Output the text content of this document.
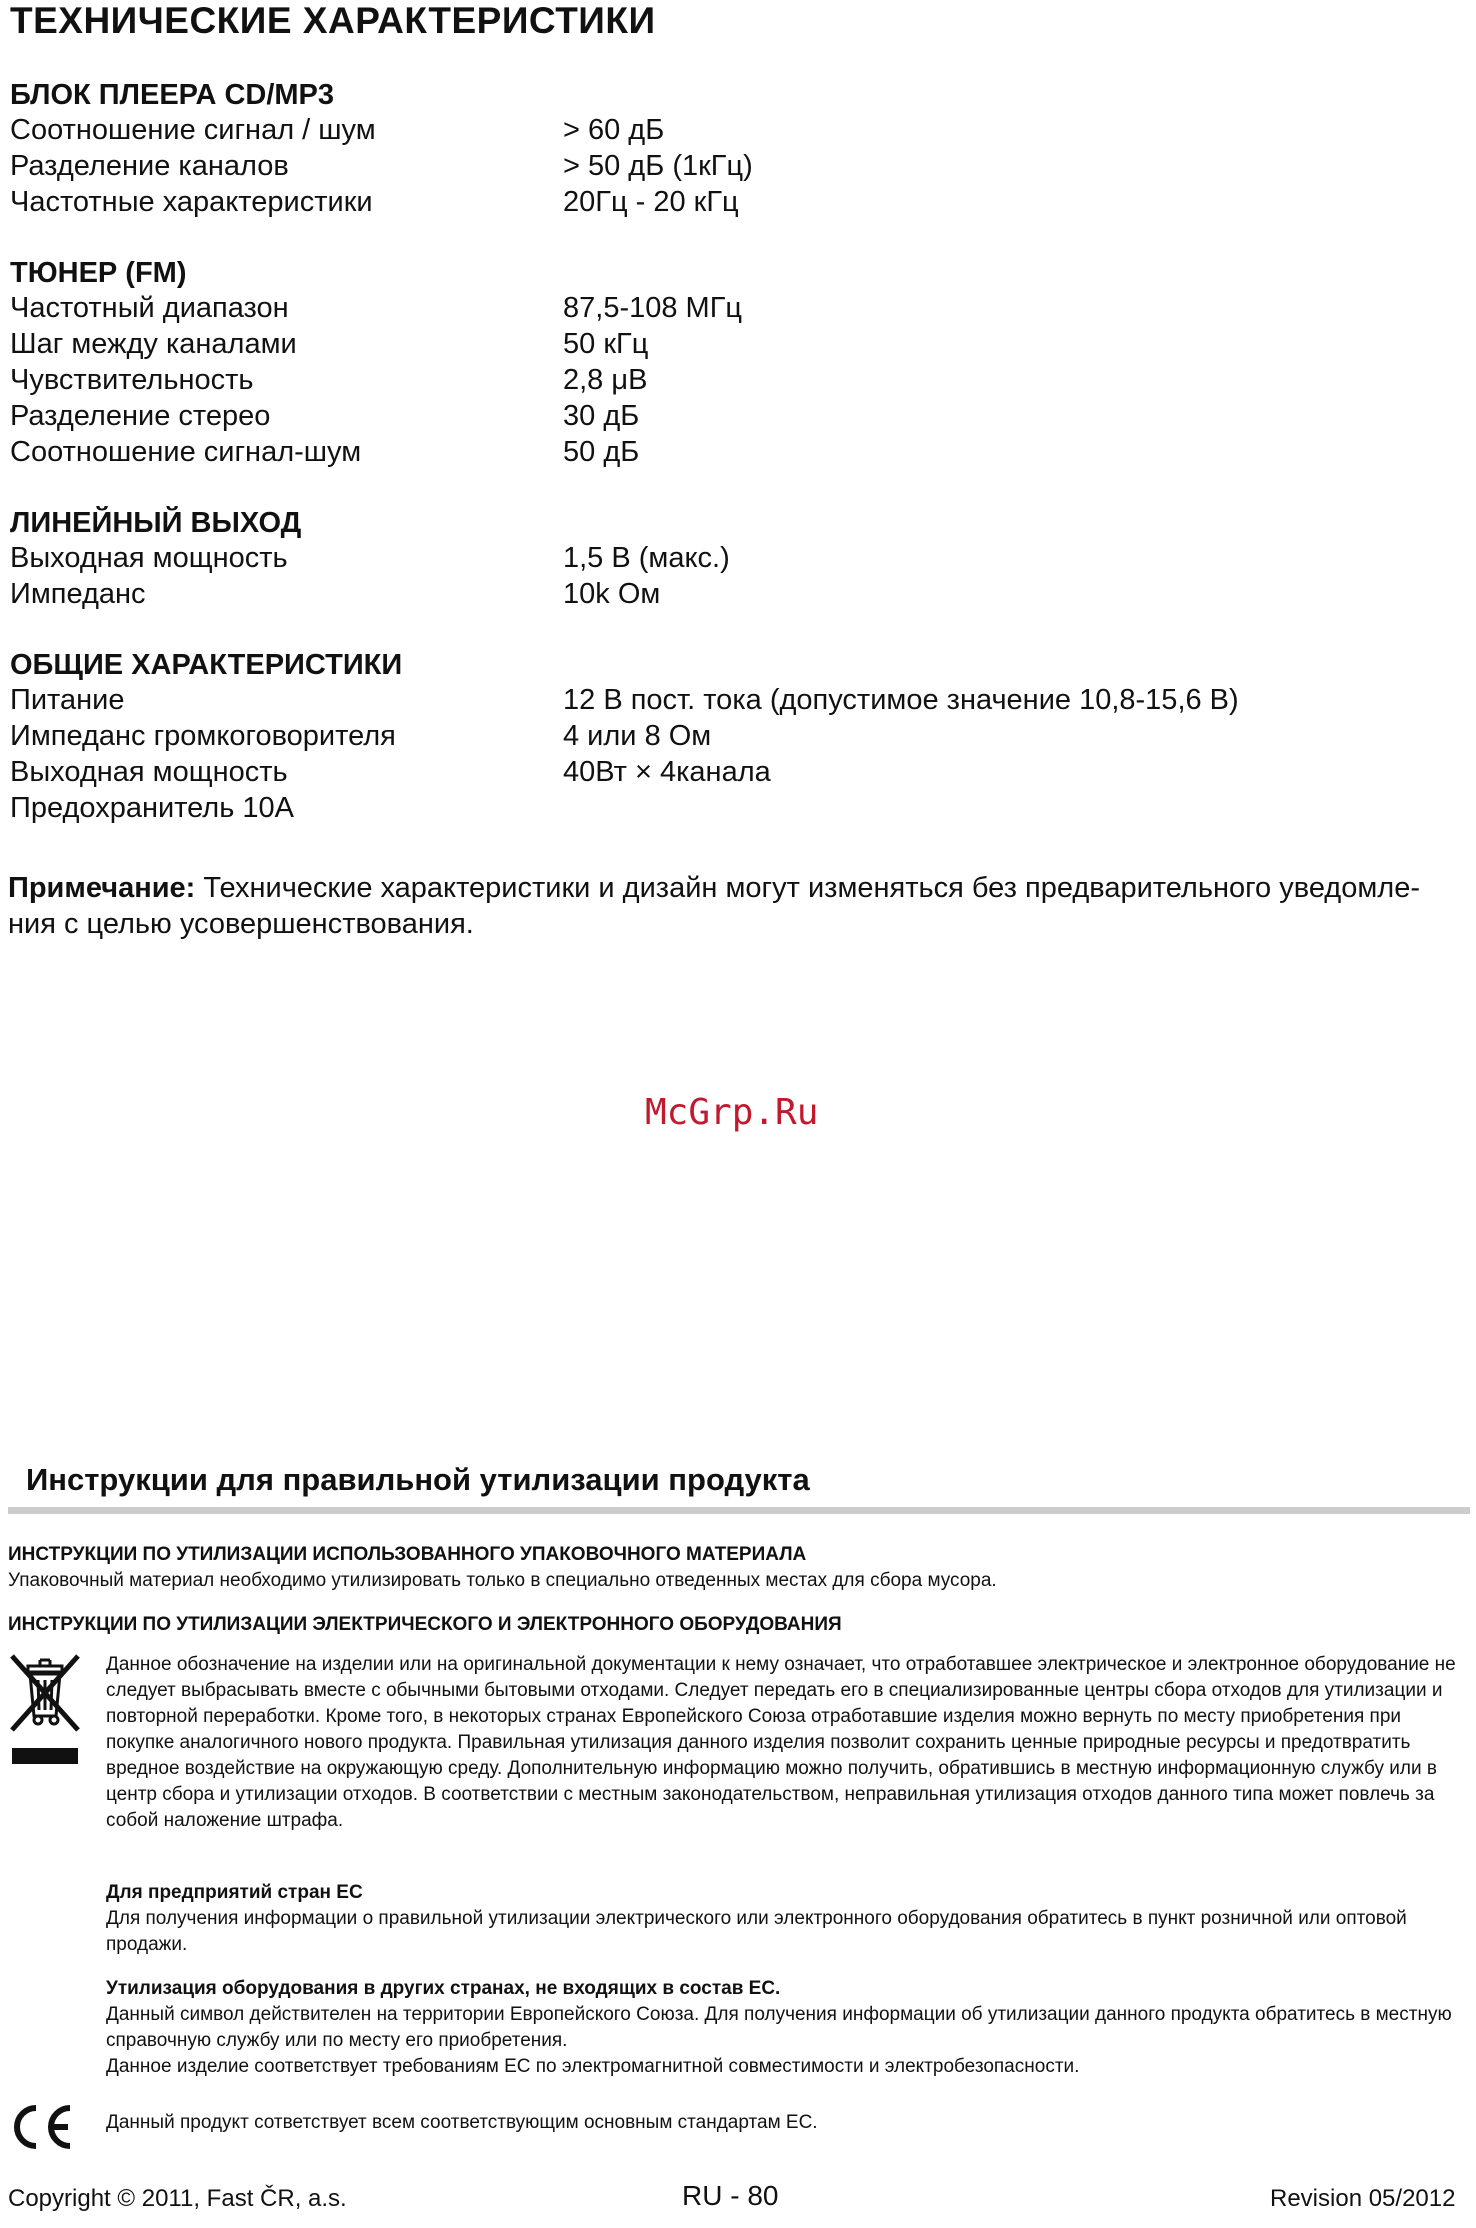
ТЕХНИЧЕСКИЕ ХАРАКТЕРИСТИКИ
БЛОК ПЛЕЕРА CD/MP3
Соотношение сигнал / шум	> 60 дБ
Разделение каналов	> 50 дБ (1кГц)
Частотные характеристики	20Гц - 20 кГц
ТЮНЕР (FM)
Частотный диапазон	87,5-108 МГц
Шаг между каналами	50 кГц
Чувствительность	2,8 μB
Разделение стерео	30 дБ
Соотношение сигнал-шум	50 дБ
ЛИНЕЙНЫЙ ВЫХОД
Выходная мощность	1,5 В (макс.)
Импеданс	10k Ом
ОБЩИЕ ХАРАКТЕРИСТИКИ
Питание	12 В пост. тока (допустимое значение 10,8-15,6 В)
Импеданс громкоговорителя	4 или 8 Ом
Выходная мощность	40Вт × 4канала
Предохранитель 10A
Примечание: Технические характеристики и дизайн могут изменяться без предварительного уведомле-ния с целью усовершенствования.
McGrp.Ru
Инструкции для правильной утилизации продукта
ИНСТРУКЦИИ ПО УТИЛИЗАЦИИ ИСПОЛЬЗОВАННОГО УПАКОВОЧНОГО МАТЕРИАЛА
Упаковочный материал необходимо утилизировать только в специально отведенных местах для сбора мусора.
ИНСТРУКЦИИ ПО УТИЛИЗАЦИИ ЭЛЕКТРИЧЕСКОГО И ЭЛЕКТРОННОГО ОБОРУДОВАНИЯ
Данное обозначение на изделии или на оригинальной документации к нему означает, что отработавшее электрическое и электронное оборудование не следует выбрасывать вместе с обычными бытовыми отходами. Следует передать его в специализированные центры сбора отходов для утилизации и повторной переработки. Кроме того, в некоторых странах Европейского Союза отработавшие изделия можно вернуть по месту приобретения при покупке аналогичного нового продукта. Правильная утилизация данного изделия позволит сохранить ценные природные ресурсы и предотвратить вредное воздействие на окружающую среду. Дополнительную информацию можно получить, обратившись в местную информационную службу или в центр сбора и утилизации отходов. В соответствии с местным законодательством, неправильная утилизация отходов данного типа может повлечь за собой наложение штрафа.
Для предприятий стран ЕС
Для получения информации о правильной утилизации электрического или электронного оборудования обратитесь в пункт розничной или оптовой продажи.
Утилизация оборудования в других странах, не входящих в состав ЕС.
Данный символ действителен на территории Европейского Союза. Для получения информации об утилизации данного продукта обратитесь в местную справочную службу или по месту его приобретения.
Данное изделие соответствует требованиям ЕС по электромагнитной совместимости и электробезопасности.
Данный продукт сответствует всем соответствующим основным стандартам ЕС.
Copyright © 2011, Fast ČR, a.s.	RU - 80	Revision 05/2012
